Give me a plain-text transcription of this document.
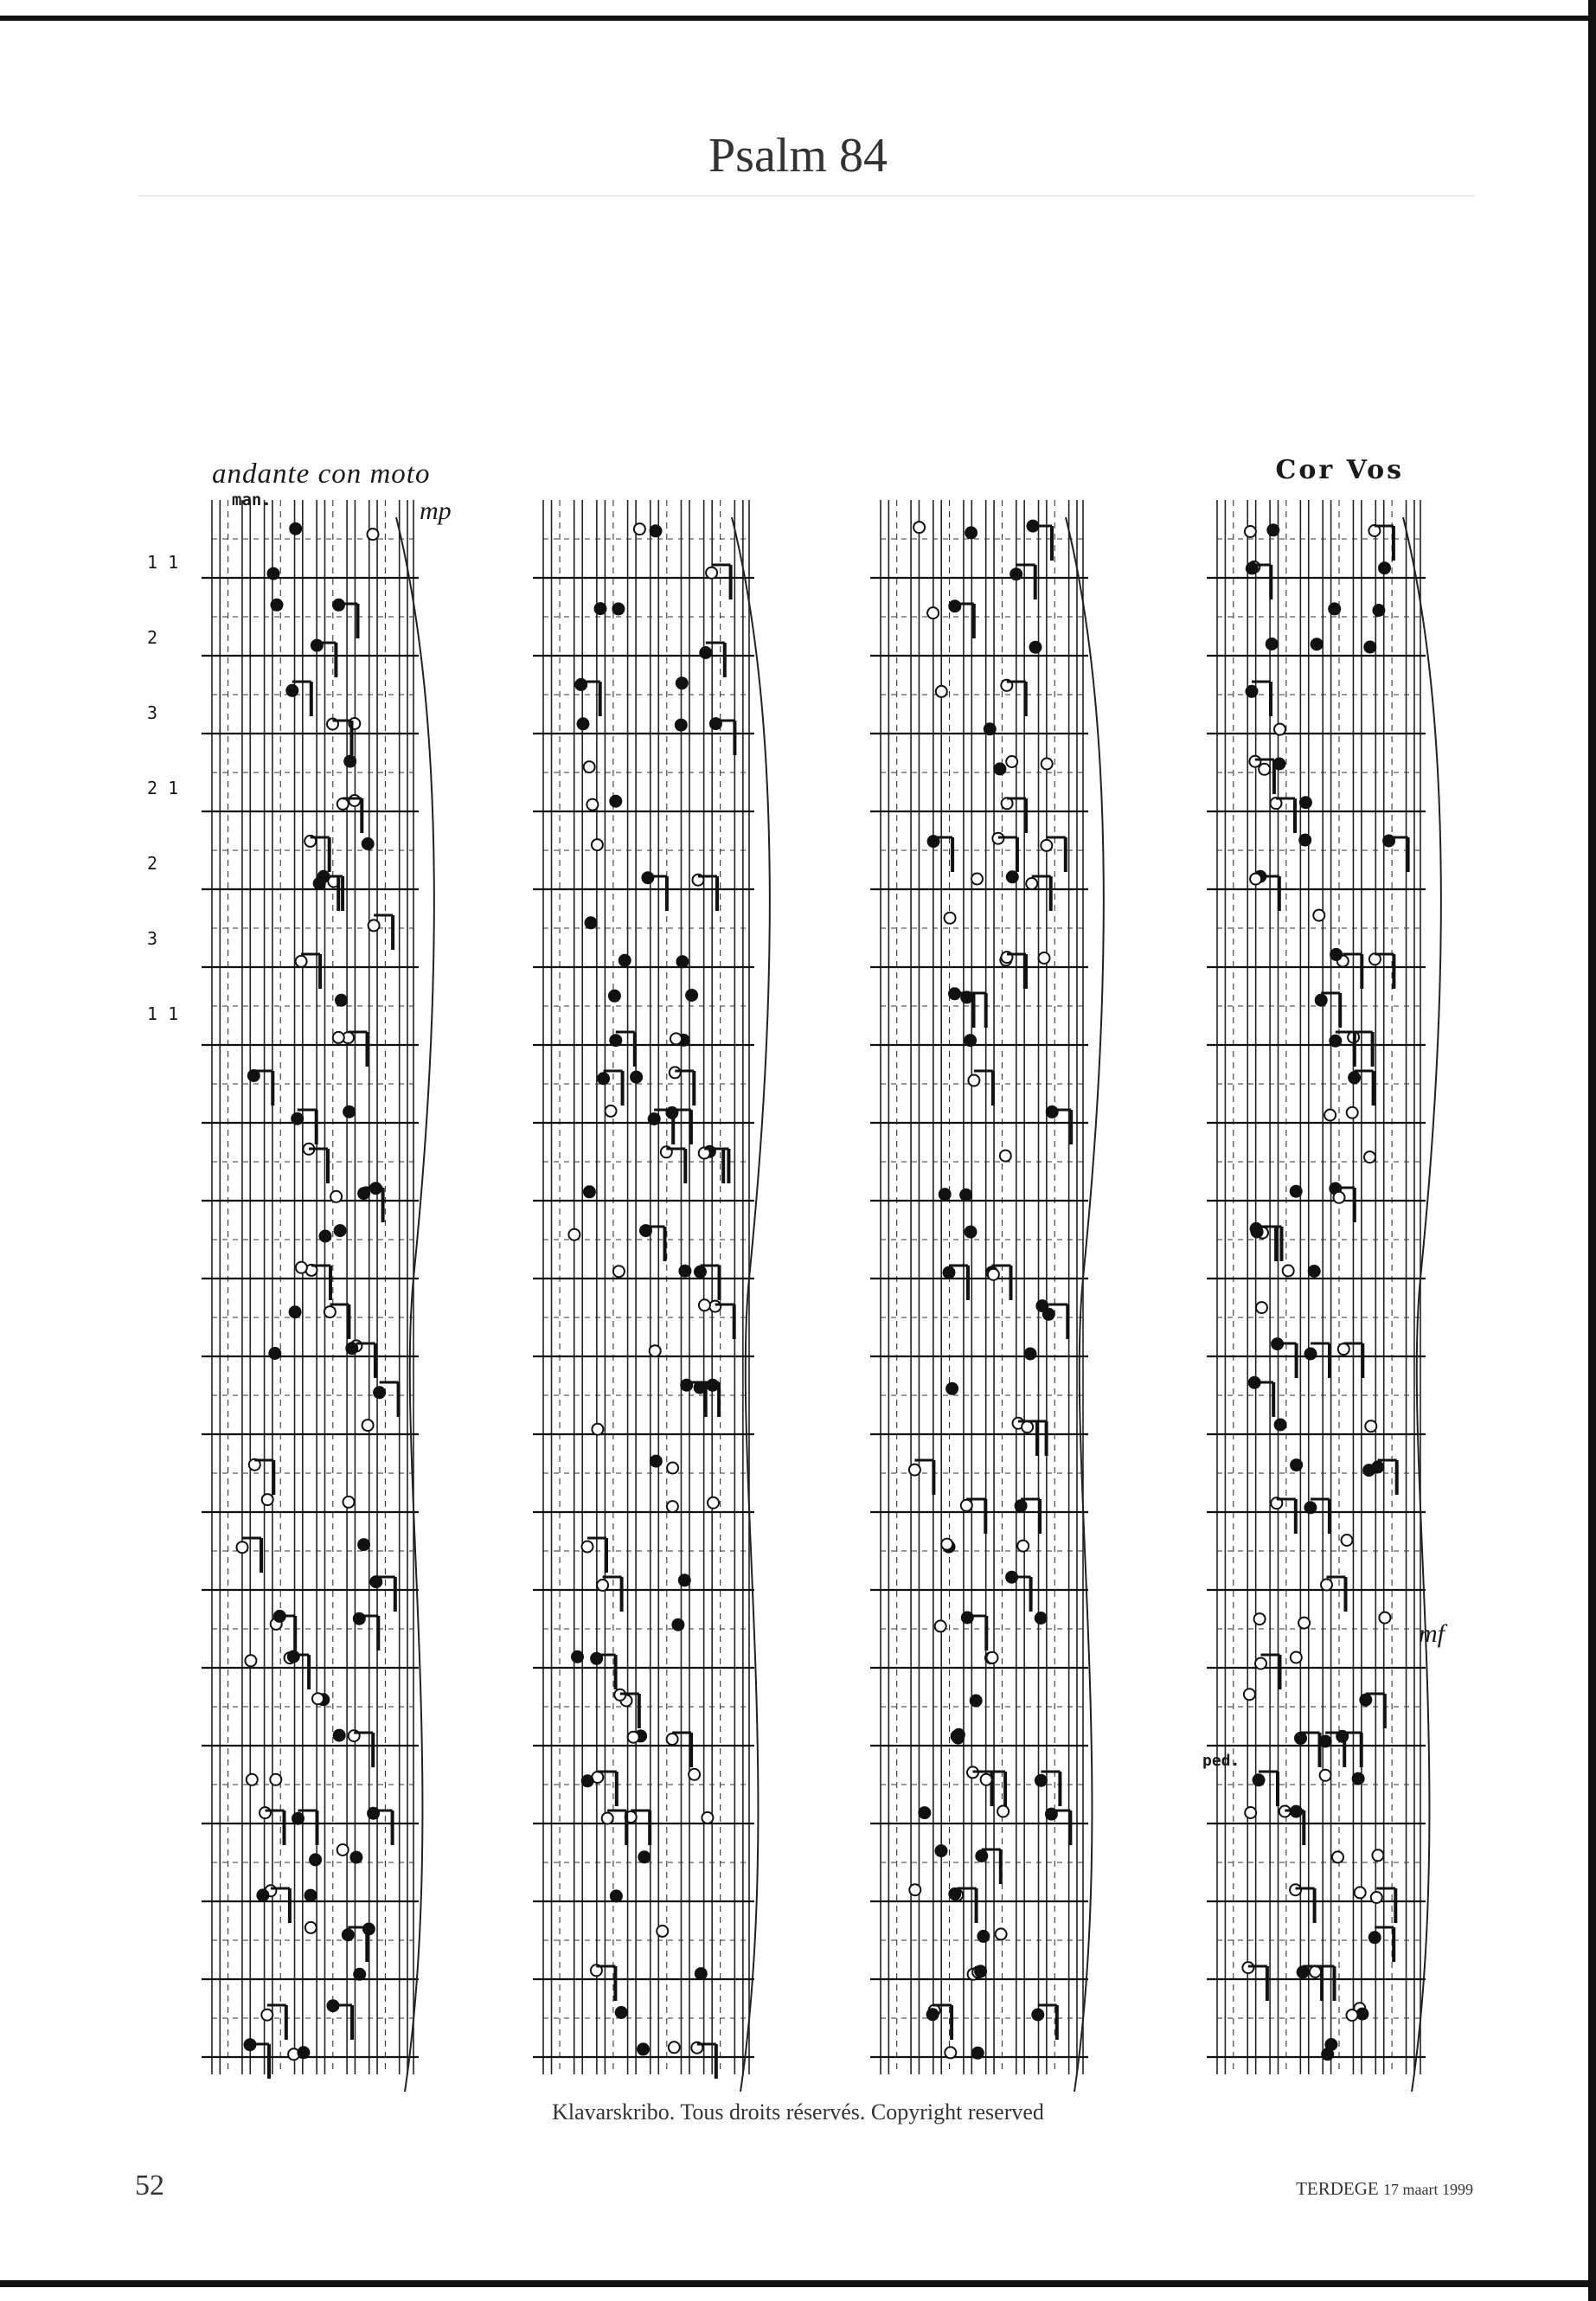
Psalm 84
andante con moto
man.
Cor Vos
mp
mf
ped.

1 1

2

3

2 1

2

3

1 1

Klavarskribo. Tous droits réservés. Copyright reserved
52	TERDEGE 17 maart 1999
